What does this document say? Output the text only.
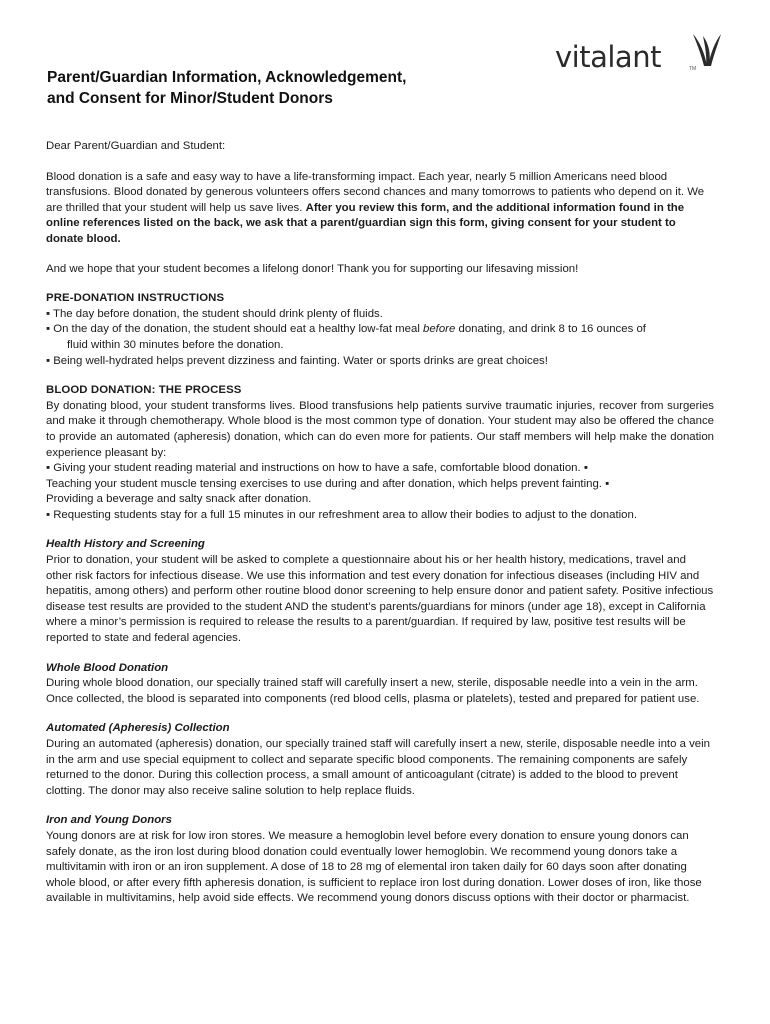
vitalant	TM
Parent/Guardian Information, Acknowledgement,
and Consent for Minor/Student Donors

Dear Parent/Guardian and Student:

Blood donation is a safe and easy way to have a life-transforming impact. Each year, nearly 5 million Americans need blood transfusions. Blood donated by generous volunteers offers second chances and many tomorrows to patients who depend on it. We are thrilled that your student will help us save lives. After you review this form, and the additional information found in the online references listed on the back, we ask that a parent/guardian sign this form, giving consent for your student to donate blood.

And we hope that your student becomes a lifelong donor! Thank you for supporting our lifesaving mission!

PRE-DONATION INSTRUCTIONS

▪ The day before donation, the student should drink plenty of fluids.

▪ On the day of the donation, the student should eat a healthy low-fat meal before donating, and drink 8 to 16 ounces of
fluid within 30 minutes before the donation.

▪ Being well-hydrated helps prevent dizziness and fainting. Water or sports drinks are great choices!

BLOOD DONATION: THE PROCESS

By donating blood, your student transforms lives. Blood transfusions help patients survive traumatic injuries, recover from surgeries and make it through chemotherapy. Whole blood is the most common type of donation. Your student may also be offered the chance to provide an automated (apheresis) donation, which can do even more for patients. Our staff members will help make the donation experience pleasant by:

▪ Giving your student reading material and instructions on how to have a safe, comfortable blood donation. ▪
Teaching your student muscle tensing exercises to use during and after donation, which helps prevent fainting. ▪
Providing a beverage and salty snack after donation.
▪ Requesting students stay for a full 15 minutes in our refreshment area to allow their bodies to adjust to the donation.

Health History and Screening

Prior to donation, your student will be asked to complete a questionnaire about his or her health history, medications, travel and other risk factors for infectious disease. We use this information and test every donation for infectious diseases (including HIV and hepatitis, among others) and perform other routine blood donor screening to help ensure donor and patient safety. Positive infectious disease test results are provided to the student AND the student’s parents/guardians for minors (under age 18), except in California where a minor’s permission is required to release the results to a parent/guardian. If required by law, positive test results will be reported to state and federal agencies.

Whole Blood Donation

During whole blood donation, our specially trained staff will carefully insert a new, sterile, disposable needle into a vein in the arm. Once collected, the blood is separated into components (red blood cells, plasma or platelets), tested and prepared for patient use.

Automated (Apheresis) Collection

During an automated (apheresis) donation, our specially trained staff will carefully insert a new, sterile, disposable needle into a vein in the arm and use special equipment to collect and separate specific blood components. The remaining components are safely returned to the donor. During this collection process, a small amount of anticoagulant (citrate) is added to the blood to prevent clotting. The donor may also receive saline solution to help replace fluids.

Iron and Young Donors

Young donors are at risk for low iron stores. We measure a hemoglobin level before every donation to ensure young donors can safely donate, as the iron lost during blood donation could eventually lower hemoglobin. We recommend young donors take a multivitamin with iron or an iron supplement. A dose of 18 to 28 mg of elemental iron taken daily for 60 days soon after donating whole blood, or after every fifth apheresis donation, is sufficient to replace iron lost during donation. Lower doses of iron, like those available in multivitamins, help avoid side effects. We recommend young donors discuss options with their doctor or pharmacist.
